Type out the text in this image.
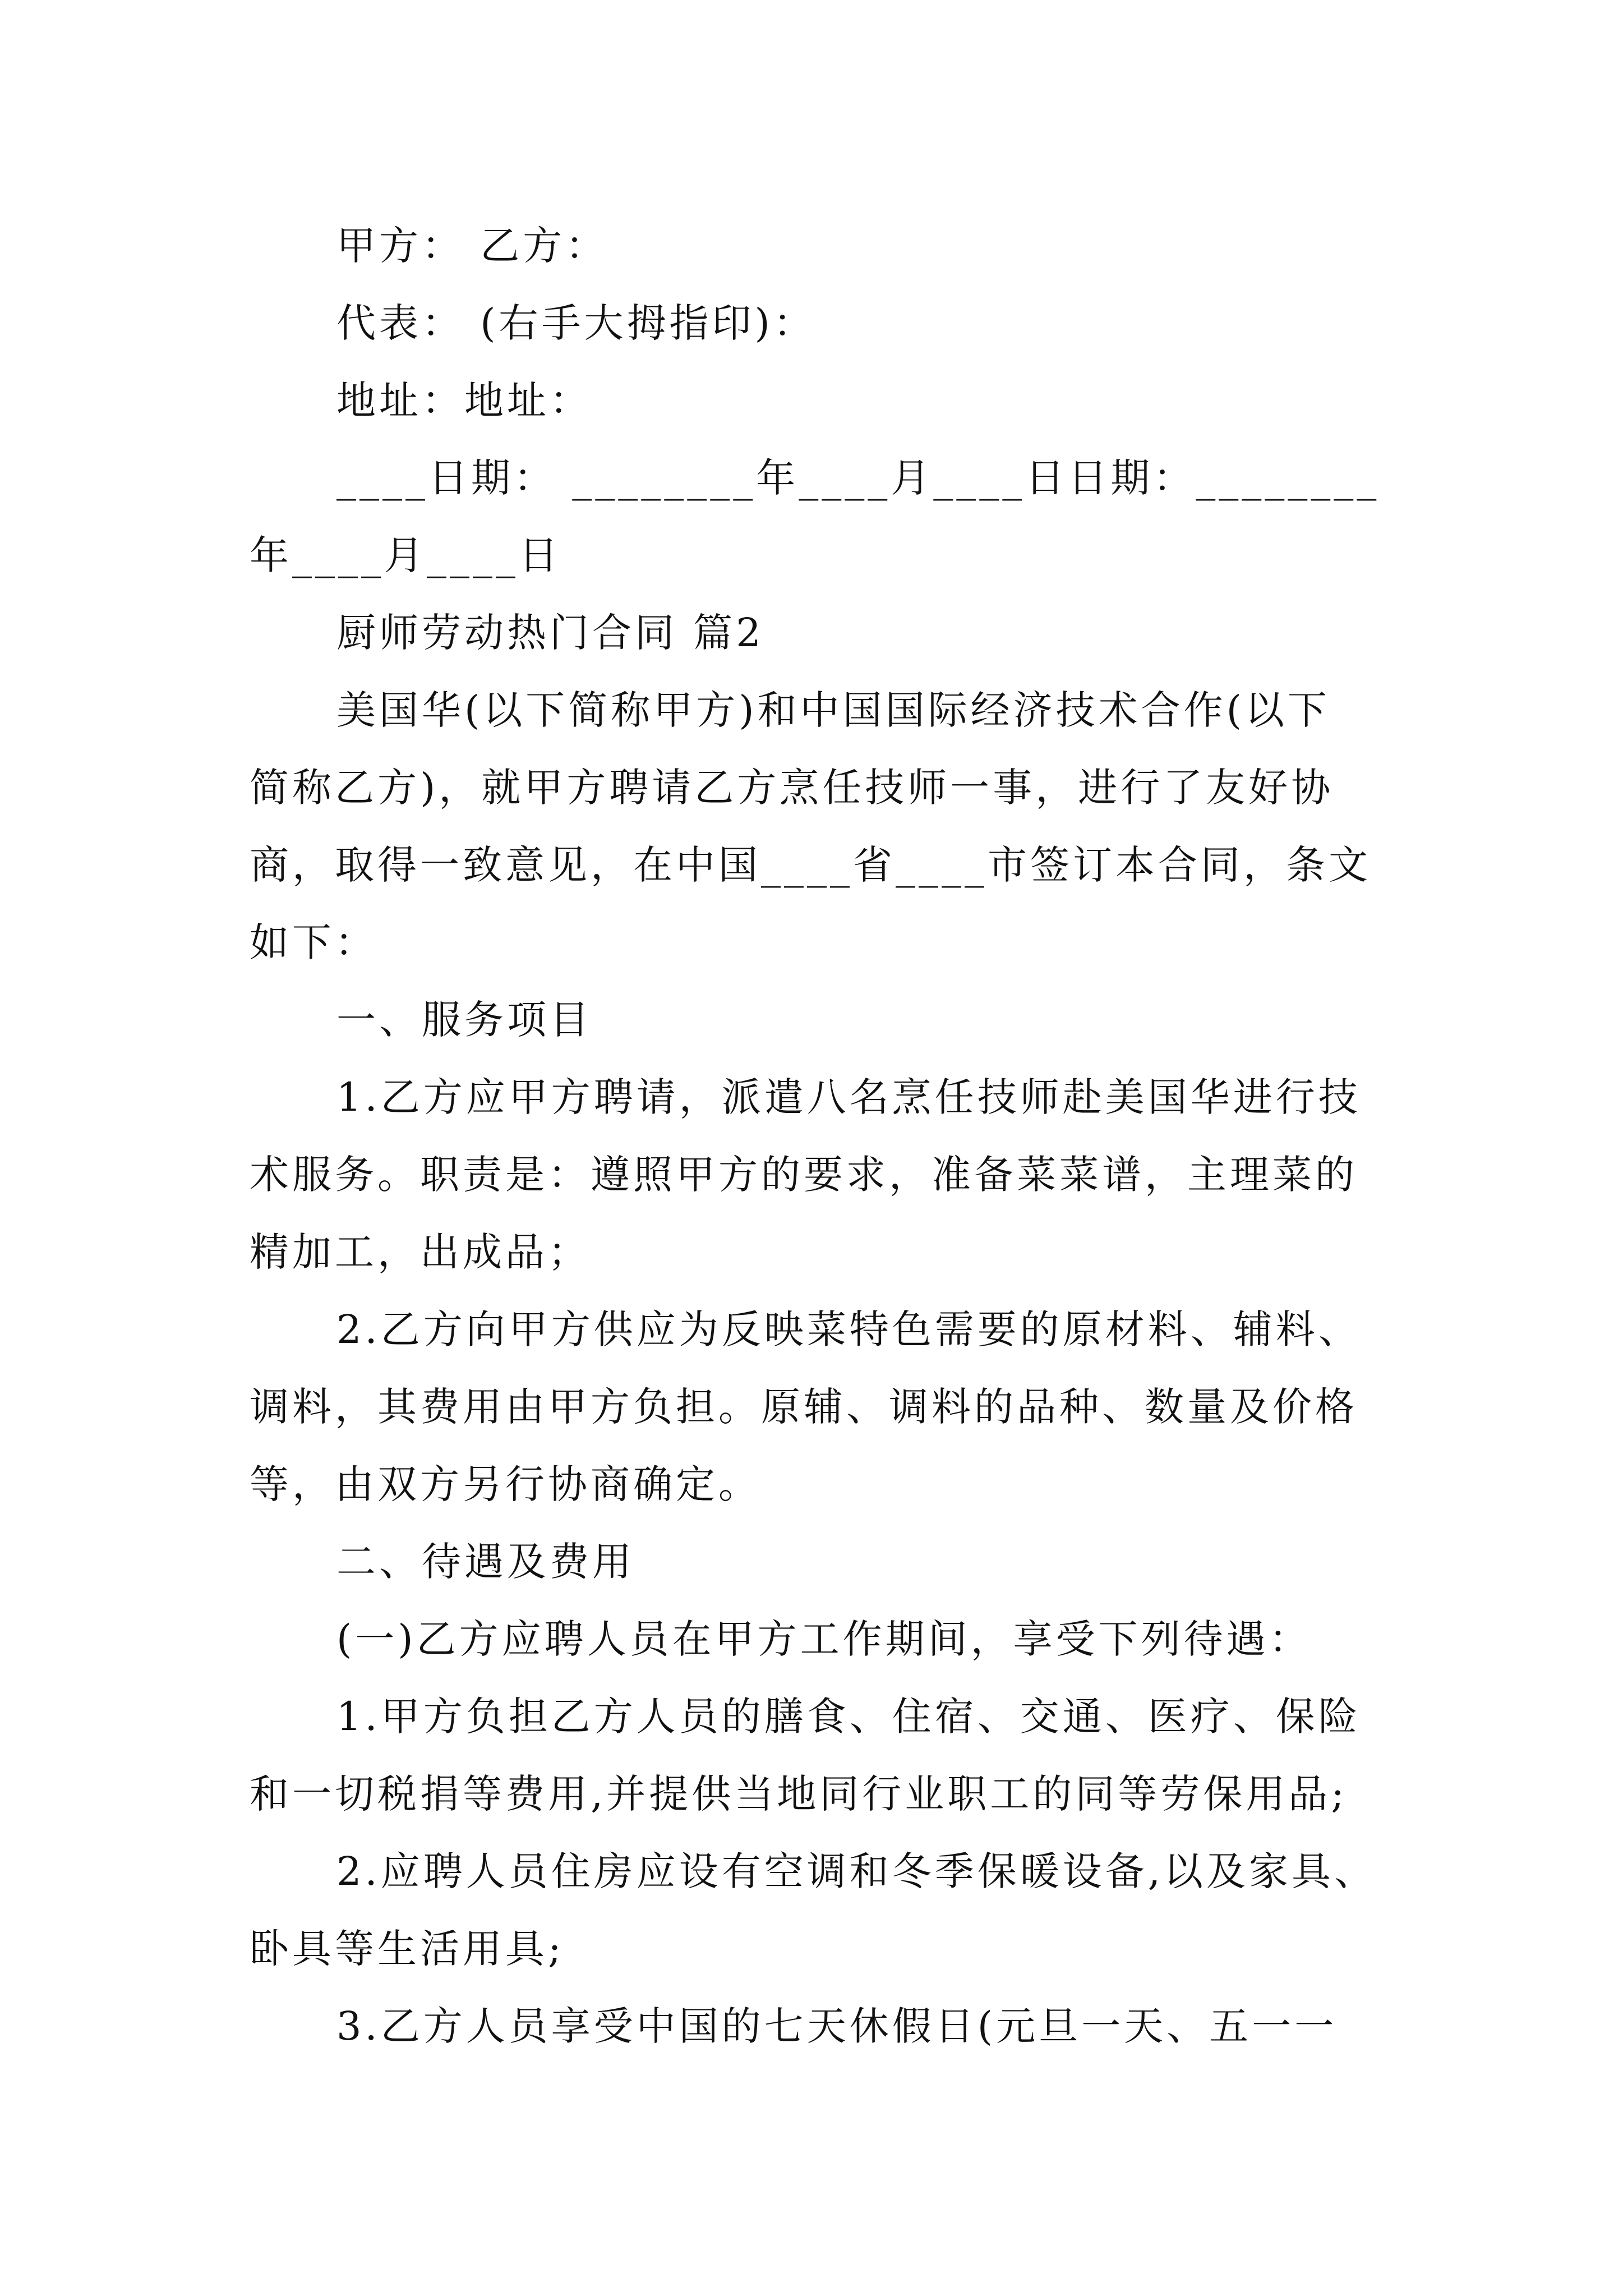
甲方： 乙方：
代表： (右手大拇指印)：
地址：地址：
____日期： ________年____月____日日期：________
年____月____日
厨师劳动热门合同 篇2
美国华(以下简称甲方)和中国国际经济技术合作(以下
简称乙方)，就甲方聘请乙方烹任技师一事，进行了友好协
商，取得一致意见，在中国____省____市签订本合同，条文
如下：
一、服务项目
1.乙方应甲方聘请，派遣八名烹任技师赴美国华进行技
术服务。职责是：遵照甲方的要求，准备菜菜谱，主理菜的
精加工，出成品；
2.乙方向甲方供应为反映菜特色需要的原材料、辅料、
调料，其费用由甲方负担。原辅、调料的品种、数量及价格
等，由双方另行协商确定。
二、待遇及费用
(一)乙方应聘人员在甲方工作期间，享受下列待遇：
1.甲方负担乙方人员的膳食、住宿、交通、医疗、保险
和一切税捐等费用,并提供当地同行业职工的同等劳保用品;
2.应聘人员住房应设有空调和冬季保暖设备,以及家具、
卧具等生活用具;
3.乙方人员享受中国的七天休假日(元旦一天、五一一
